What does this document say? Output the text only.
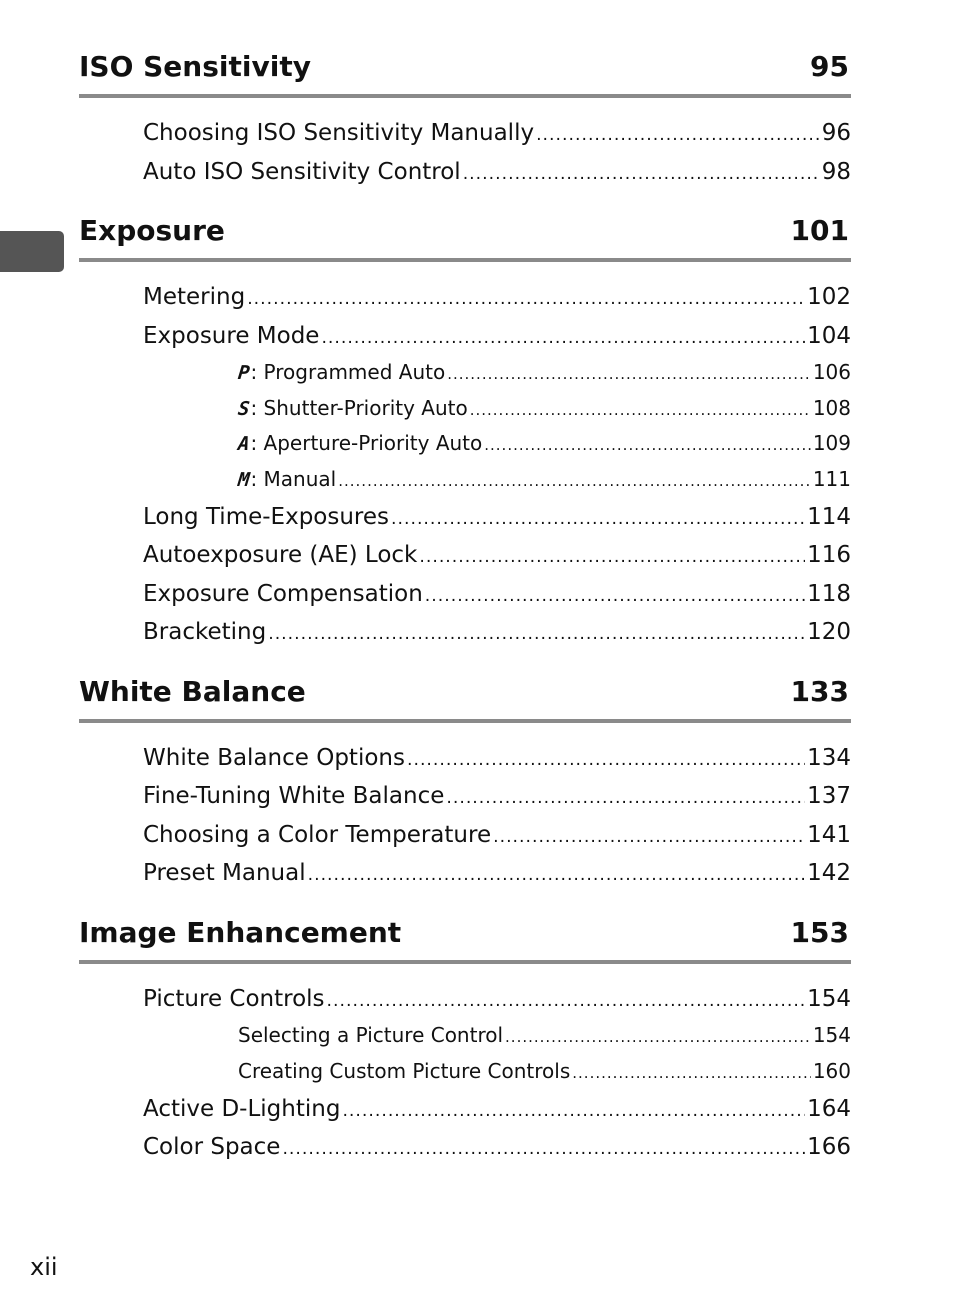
ISO Sensitivity	95
Choosing ISO Sensitivity Manually .....	96
Auto ISO Sensitivity Control .....	98
Exposure	101
Metering .....	102
Exposure Mode .....	104
P: Programmed Auto .....	106
S: Shutter-Priority Auto .....	108
A: Aperture-Priority Auto .....	109
M: Manual .....	111
Long Time-Exposures .....	114
Autoexposure (AE) Lock .....	116
Exposure Compensation .....	118
Bracketing .....	120
White Balance	133
White Balance Options .....	134
Fine-Tuning White Balance .....	137
Choosing a Color Temperature .....	141
Preset Manual .....	142
Image Enhancement	153
Picture Controls .....	154
Selecting a Picture Control .....	154
Creating Custom Picture Controls .....	160
Active D-Lighting .....	164
Color Space .....	166
xii
